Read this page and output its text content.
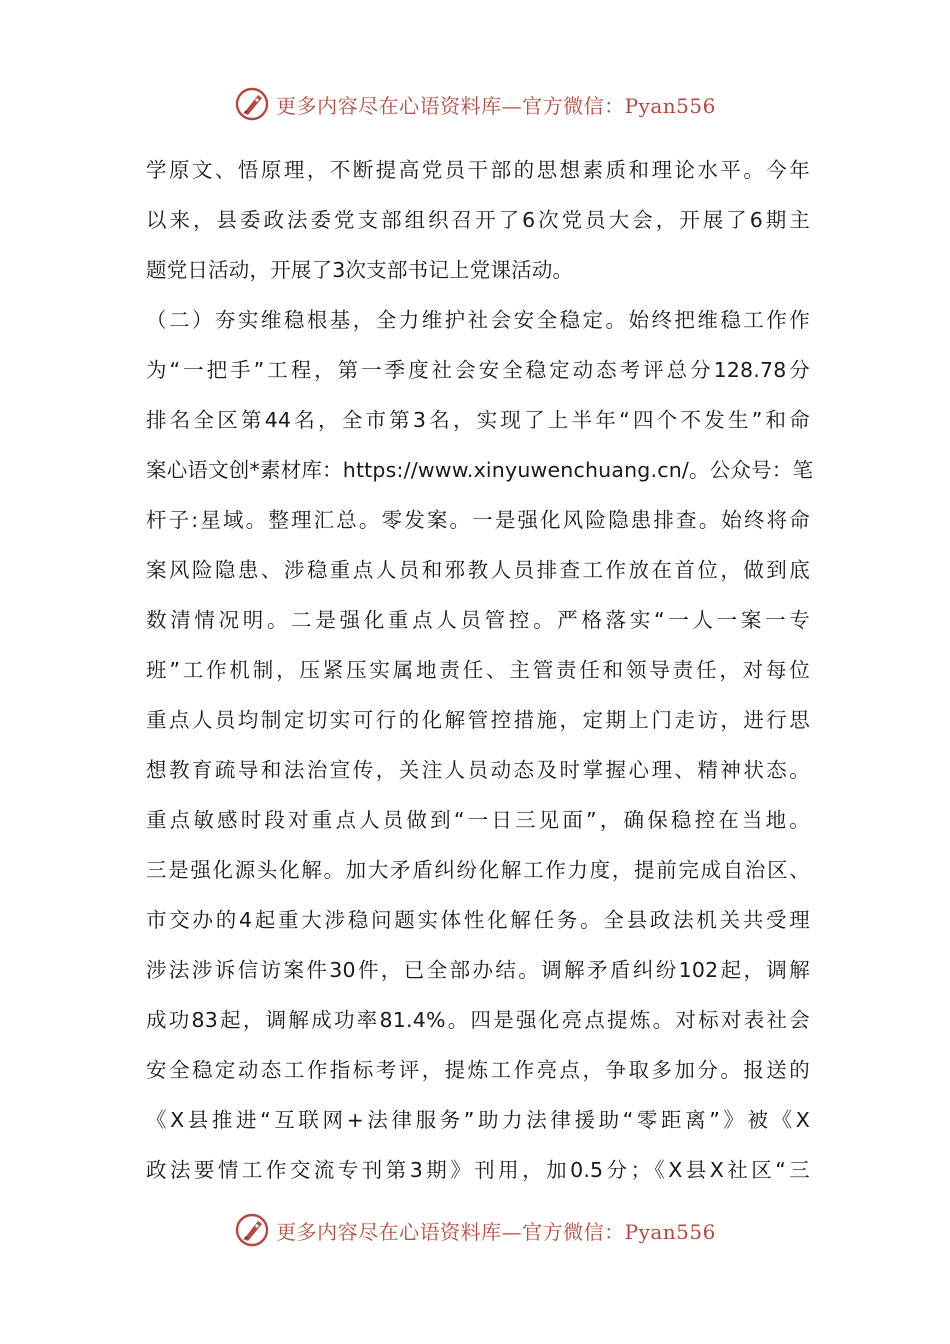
更多内容尽在心语资料库—官方微信：Pyan556
学原文、悟原理，不断提高党员干部的思想素质和理论水平。今年
以来，县委政法委党支部组织召开了6次党员大会，开展了6期主
题党日活动，开展了3次支部书记上党课活动。
（二）夯实维稳根基，全力维护社会安全稳定。始终把维稳工作作
为“一把手”工程，第一季度社会安全稳定动态考评总分128.78分
排名全区第44名，全市第3名，实现了上半年“四个不发生”和命
案心语文创*素材库：https://www.xinyuwenchuang.cn/。公众号：笔
杆子:星域。整理汇总。零发案。一是强化风险隐患排查。始终将命
案风险隐患、涉稳重点人员和邪教人员排查工作放在首位，做到底
数清情况明。二是强化重点人员管控。严格落实“一人一案一专
班”工作机制，压紧压实属地责任、主管责任和领导责任，对每位
重点人员均制定切实可行的化解管控措施，定期上门走访，进行思
想教育疏导和法治宣传，关注人员动态及时掌握心理、精神状态。
重点敏感时段对重点人员做到“一日三见面”，确保稳控在当地。
三是强化源头化解。加大矛盾纠纷化解工作力度，提前完成自治区、
市交办的4起重大涉稳问题实体性化解任务。全县政法机关共受理
涉法涉诉信访案件30件，已全部办结。调解矛盾纠纷102起，调解
成功83起，调解成功率81.4%。四是强化亮点提炼。对标对表社会
安全稳定动态工作指标考评，提炼工作亮点，争取多加分。报送的
《X县推进“互联网+法律服务”助力法律援助“零距离”》被《X
政法要情工作交流专刊第3期》刊用，加0.5分；《X县X社区“三
更多内容尽在心语资料库—官方微信：Pyan556
